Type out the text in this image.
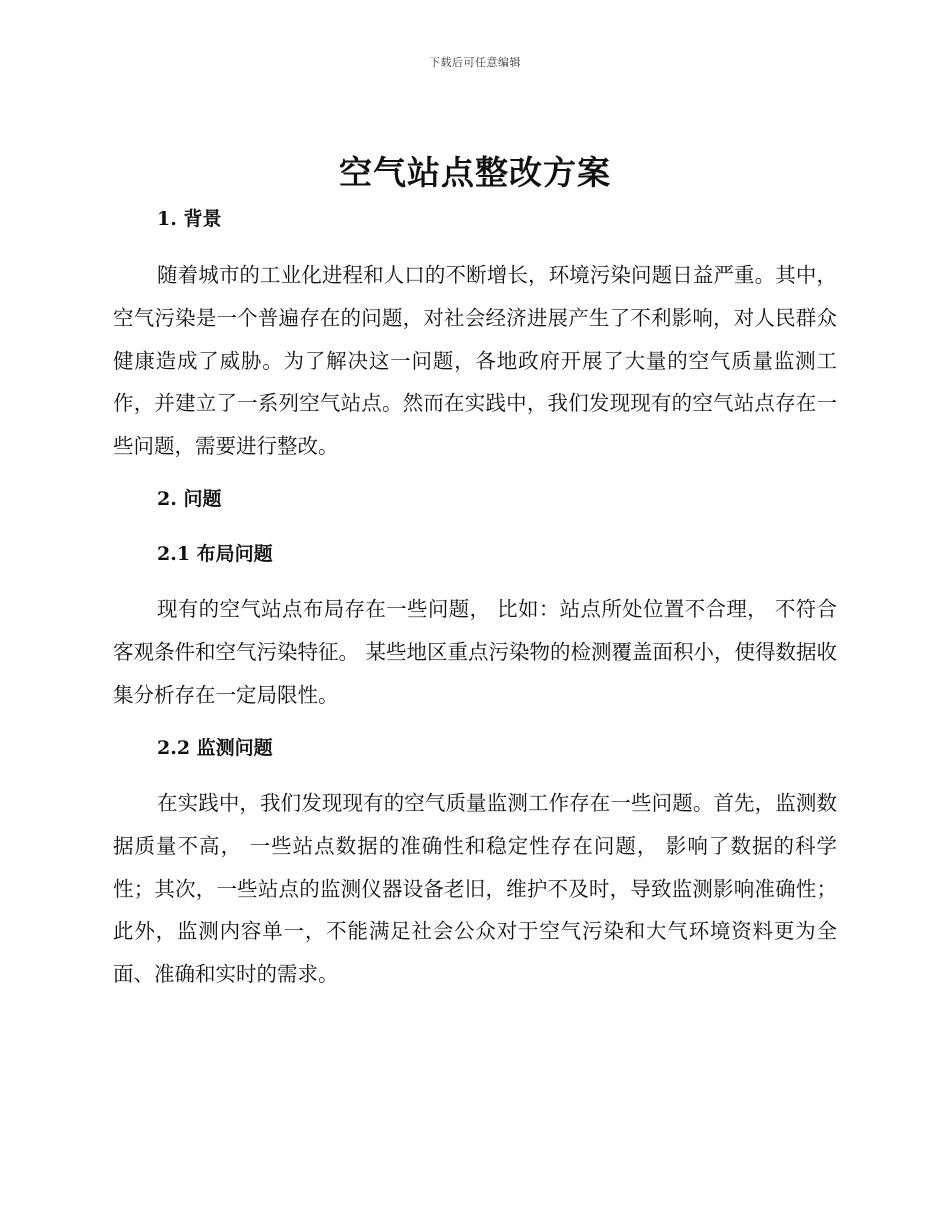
下载后可任意编辑
空气站点整改方案
1. 背景

随着城市的工业化进程和人口的不断增长，环境污染问题日益严重。其中，空气污染是一个普遍存在的问题，对社会经济进展产生了不利影响，对人民群众健康造成了威胁。为了解决这一问题，各地政府开展了大量的空气质量监测工作，并建立了一系列空气站点。然而在实践中，我们发现现有的空气站点存在一些问题，需要进行整改。

2. 问题
2.1 布局问题

现有的空气站点布局存在一些问题， 比如：站点所处位置不合理， 不符合客观条件和空气污染特征。 某些地区重点污染物的检测覆盖面积小，使得数据收集分析存在一定局限性。

2.2 监测问题

在实践中，我们发现现有的空气质量监测工作存在一些问题。首先，监测数据质量不高， 一些站点数据的准确性和稳定性存在问题， 影响了数据的科学性；其次，一些站点的监测仪器设备老旧，维护不及时，导致监测影响准确性；此外，监测内容单一，不能满足社会公众对于空气污染和大气环境资料更为全面、准确和实时的需求。
